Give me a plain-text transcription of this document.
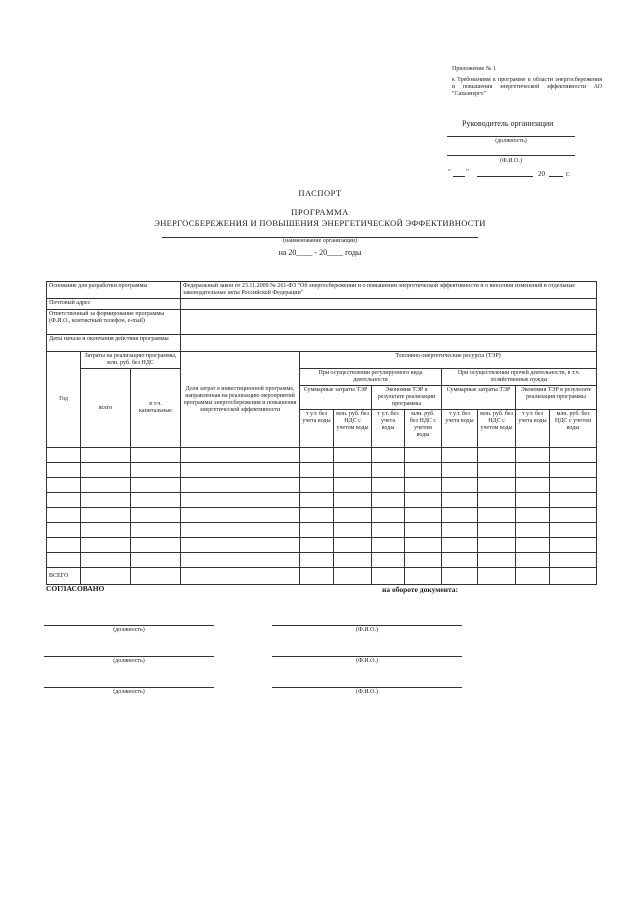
Приложение № 1
к Требованиям к программе в области энергосбережения и повышения энергетической эффективности АО "Сахаэнерго"
Руководитель организации
(должность)
(Ф.И.О.)
" "	20	г.
ПАСПОРТ
ПРОГРАММА
ЭНЕРГОСБЕРЕЖЕНИЯ И ПОВЫШЕНИЯ ЭНЕРГЕТИЧЕСКОЙ ЭФФЕКТИВНОСТИ
(наименование организации)
на 20____ - 20____ годы
Основание для разработки программы			Федеральный закон от 23.11.2009 № 261-ФЗ "Об энергосбережении и о повышении энергетической эффективности и о внесении изменений в отдельные законодательные акты Российской Федерации"								
Почтовый адрес											
Ответственный за формирование программы (Ф.И.О., контактный телефон, e-mail)											
Даты начала и окончания действия программы											
Год	Затраты на реализацию программы, млн. руб. без НДС		Доля затрат в инвестиционной программе, направленная на реализацию мероприятий программы энергосбережения и повышения энергетической эффективности	Топливно-энергетические ресурсы (ТЭР)							
	всего	в т.ч. капитальные		При осуществлении регулируемого вида деятельности				При осуществлении прочей деятельности, в т.ч. хозяйственные нужды			
				Суммарные затраты ТЭР		Экономия ТЭР в результате реализации программы		Суммарные затраты ТЭР		Экономия ТЭР в результате реализации программы	
				т у.т. без учета воды	млн. руб. без НДС с учетом воды	т у.т. без учета воды	млн. руб. без НДС с учетом воды	т у.т. без учета воды	млн. руб. без НДС с учетом воды	т у.т. без учета воды	млн. руб. без НДС с учетом воды

ВСЕГО											
СОГЛАСОВАНО	на обороте документа:
(должность)	(Ф.И.О.)
(должность)	(Ф.И.О.)
(должность)	(Ф.И.О.)
